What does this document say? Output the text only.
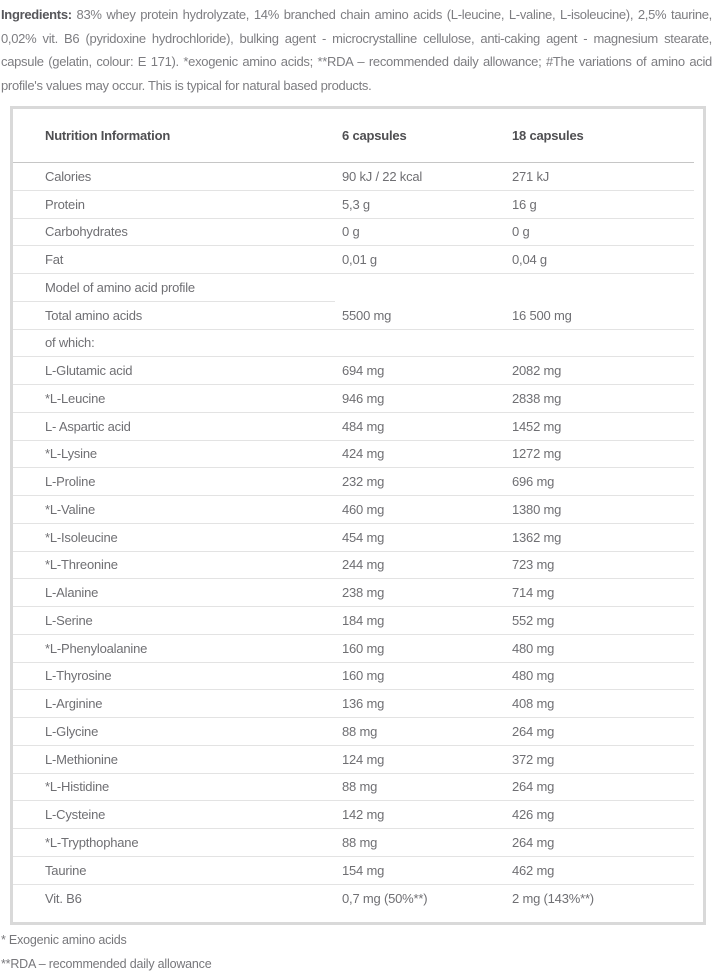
Ingredients: 83% whey protein hydrolyzate, 14% branched chain amino acids (L-leucine, L-valine, L-isoleucine), 2,5% taurine, 0,02% vit. B6 (pyridoxine hydrochloride), bulking agent - microcrystalline cellulose, anti-caking agent - magnesium stearate, capsule (gelatin, colour: E 171). *exogenic amino acids; **RDA – recommended daily allowance; #The variations of amino acid profile's values may occur. This is typical for natural based products.
Nutrition Information	6 capsules	18 capsules
Calories	90 kJ / 22 kcal	271 kJ
Protein	5,3 g	16 g
Carbohydrates	0 g	0 g
Fat	0,01 g	0,04 g
Model of amino acid profile
Total amino acids	5500 mg	16 500 mg
of which:
L-Glutamic acid	694 mg	2082 mg
*L-Leucine	946 mg	2838 mg
L- Aspartic acid	484 mg	1452 mg
*L-Lysine	424 mg	1272 mg
L-Proline	232 mg	696 mg
*L-Valine	460 mg	1380 mg
*L-Isoleucine	454 mg	1362 mg
*L-Threonine	244 mg	723 mg
L-Alanine	238 mg	714 mg
L-Serine	184 mg	552 mg
*L-Phenyloalanine	160 mg	480 mg
L-Thyrosine	160 mg	480 mg
L-Arginine	136 mg	408 mg
L-Glycine	88 mg	264 mg
L-Methionine	124 mg	372 mg
*L-Histidine	88 mg	264 mg
L-Cysteine	142 mg	426 mg
*L-Trypthophane	88 mg	264 mg
Taurine	154 mg	462 mg
Vit. B6	0,7 mg (50%**)	2 mg (143%**)
* Exogenic amino acids
**RDA – recommended daily allowance
